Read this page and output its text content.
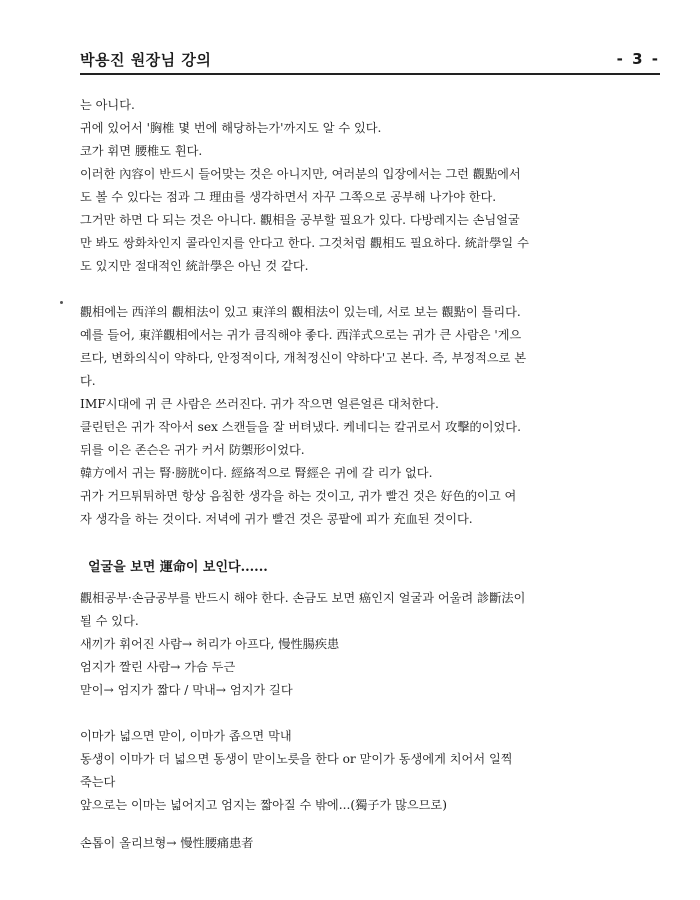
박용진 원장님 강의	- 3 -
는 아니다.
귀에 있어서 '胸椎 몇 번에 해당하는가'까지도 알 수 있다.
코가 휘면 腰椎도 휜다.
이러한 內容이 반드시 들어맞는 것은 아니지만, 여러분의 입장에서는 그런 觀點에서
도 볼 수 있다는 점과 그 理由를 생각하면서 자꾸 그쪽으로 공부해 나가야 한다.
그거만 하면 다 되는 것은 아니다. 觀相을 공부할 필요가 있다. 다방레지는 손님얼굴
만 봐도 쌍화차인지 콜라인지를 안다고 한다. 그것처럼 觀相도 필요하다. 統計學일 수
도 있지만 절대적인 統計學은 아닌 것 같다.
觀相에는 西洋의 觀相法이 있고 東洋의 觀相法이 있는데, 서로 보는 觀點이 틀리다.
예를 들어, 東洋觀相에서는 귀가 큼직해야 좋다. 西洋式으로는 귀가 큰 사람은 '게으
르다, 변화의식이 약하다, 안정적이다, 개척정신이 약하다'고 본다. 즉, 부정적으로 본
다.
IMF시대에 귀 큰 사람은 쓰러진다. 귀가 작으면 얼른얼른 대처한다.
클린턴은 귀가 작아서 sex 스캔들을 잘 버텨냈다. 케네디는 칼귀로서 攻擊的이었다.
뒤를 이은 존슨은 귀가 커서 防禦形이었다.
韓方에서 귀는 腎·膀胱이다. 經絡적으로 腎經은 귀에 갈 리가 없다.
귀가 거므튀튀하면 항상 음침한 생각을 하는 것이고, 귀가 빨건 것은 好色的이고 여
자 생각을 하는 것이다. 저녁에 귀가 빨건 것은 콩팥에 피가 充血된 것이다.
얼굴을 보면 運命이 보인다......
觀相공부·손금공부를 반드시 해야 한다. 손금도 보면 癌인지 얼굴과 어울려 診斷法이
될 수 있다.
새끼가 휘어진 사람→ 허리가 아프다, 慢性腸疾患
엄지가 짤린 사람→ 가슴 두근
맏이→ 엄지가 짧다 / 막내→ 엄지가 길다
이마가 넓으면 맏이, 이마가 좁으면 막내
동생이 이마가 더 넓으면 동생이 맏이노릇을 한다 or 맏이가 동생에게 치어서 일찍
죽는다
앞으로는 이마는 넓어지고 엄지는 짧아질 수 밖에...(獨子가 많으므로)
손톱이 올리브형→ 慢性腰痛患者
